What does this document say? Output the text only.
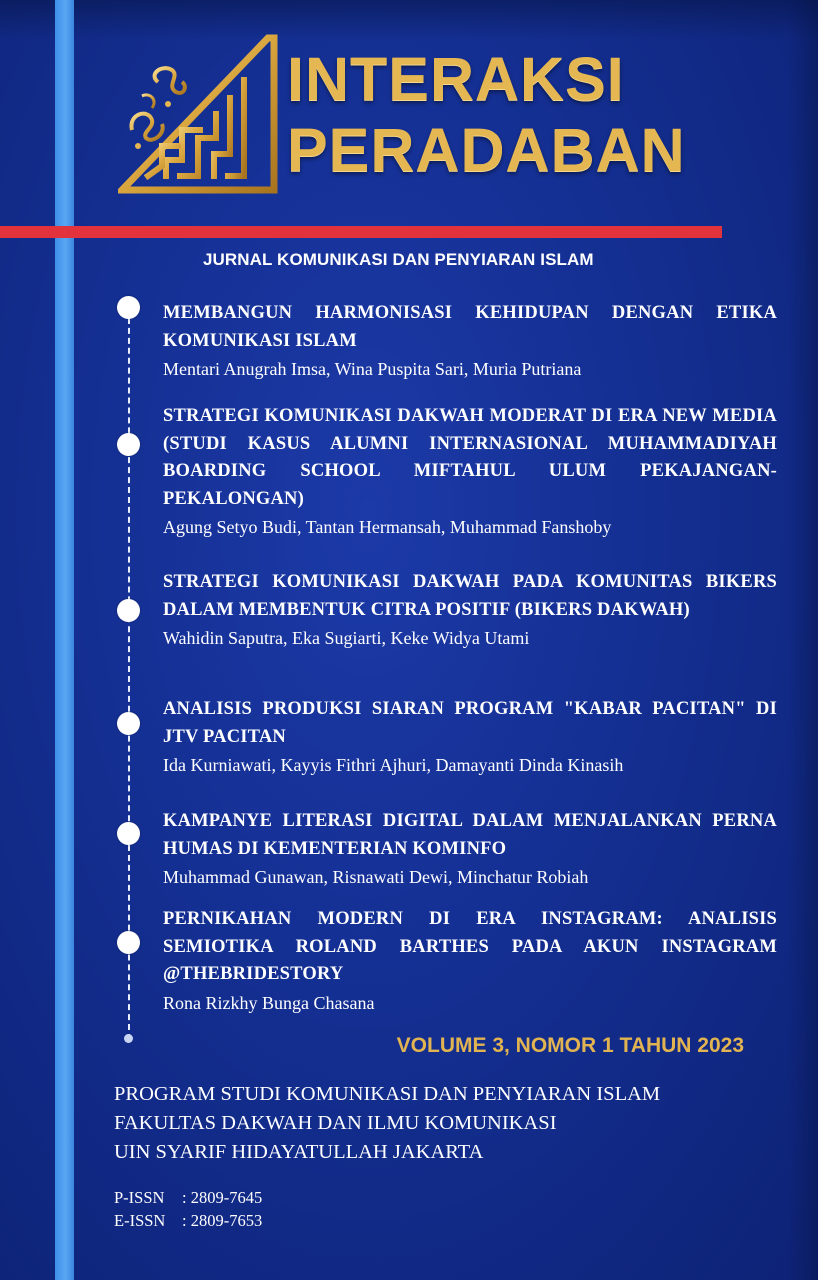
INTERAKSI
PERADABAN
JURNAL KOMUNIKASI DAN PENYIARAN ISLAM
MEMBANGUN HARMONISASI KEHIDUPAN DENGAN ETIKA KOMUNIKASI ISLAM
Mentari Anugrah Imsa, Wina Puspita Sari, Muria Putriana
STRATEGI KOMUNIKASI DAKWAH MODERAT DI ERA NEW MEDIA (STUDI KASUS ALUMNI INTERNASIONAL MUHAMMADIYAH BOARDING SCHOOL MIFTAHUL ULUM PEKAJANGAN-PEKALONGAN)
Agung Setyo Budi, Tantan Hermansah, Muhammad Fanshoby
STRATEGI KOMUNIKASI DAKWAH PADA KOMUNITAS BIKERS DALAM MEMBENTUK CITRA POSITIF (BIKERS DAKWAH)
Wahidin Saputra, Eka Sugiarti, Keke Widya Utami
ANALISIS PRODUKSI SIARAN PROGRAM "KABAR PACITAN" DI JTV PACITAN
Ida Kurniawati, Kayyis Fithri Ajhuri, Damayanti Dinda Kinasih
KAMPANYE LITERASI DIGITAL DALAM MENJALANKAN PERNA HUMAS DI KEMENTERIAN KOMINFO
Muhammad Gunawan, Risnawati Dewi, Minchatur Robiah
PERNIKAHAN MODERN DI ERA INSTAGRAM: ANALISIS SEMIOTIKA ROLAND BARTHES PADA AKUN INSTAGRAM @THEBRIDESTORY
Rona Rizkhy Bunga Chasana
VOLUME 3, NOMOR 1 TAHUN 2023
PROGRAM STUDI KOMUNIKASI DAN PENYIARAN ISLAM
FAKULTAS DAKWAH DAN ILMU KOMUNIKASI
UIN SYARIF HIDAYATULLAH JAKARTA
P-ISSN : 2809-7645
E-ISSN : 2809-7653
